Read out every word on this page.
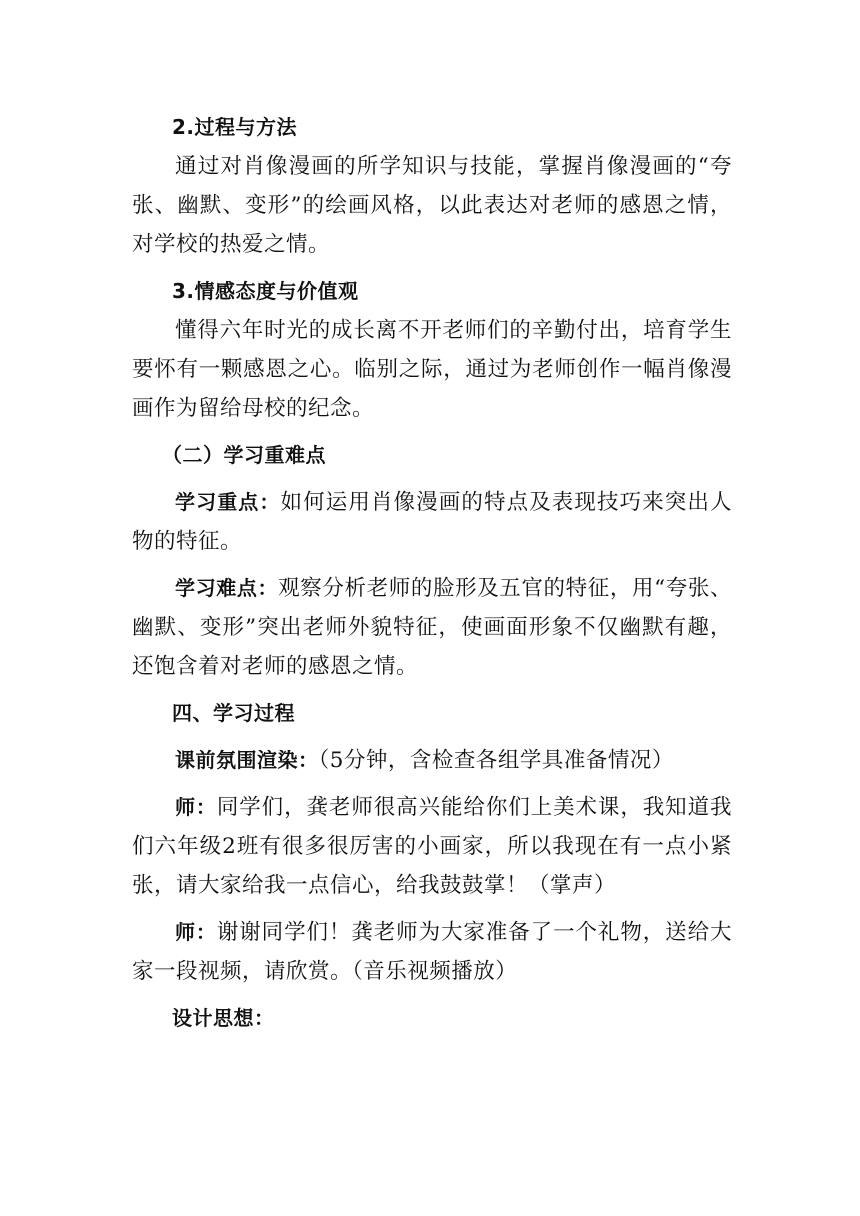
2.过程与方法

通过对肖像漫画的所学知识与技能，掌握肖像漫画的“夸张、幽默、变形”的绘画风格，以此表达对老师的感恩之情，对学校的热爱之情。

3.情感态度与价值观

懂得六年时光的成长离不开老师们的辛勤付出，培育学生要怀有一颗感恩之心。临别之际，通过为老师创作一幅肖像漫画作为留给母校的纪念。

（二）学习重难点

学习重点：如何运用肖像漫画的特点及表现技巧来突出人物的特征。

学习难点：观察分析老师的脸形及五官的特征，用“夸张、幽默、变形”突出老师外貌特征，使画面形象不仅幽默有趣，还饱含着对老师的感恩之情。

四、学习过程

课前氛围渲染：（5分钟，含检查各组学具准备情况）

师：同学们，龚老师很高兴能给你们上美术课，我知道我们六年级2班有很多很厉害的小画家，所以我现在有一点小紧张，请大家给我一点信心，给我鼓鼓掌！（掌声）

师：谢谢同学们！龚老师为大家准备了一个礼物，送给大家一段视频，请欣赏。（音乐视频播放）

设计思想：
